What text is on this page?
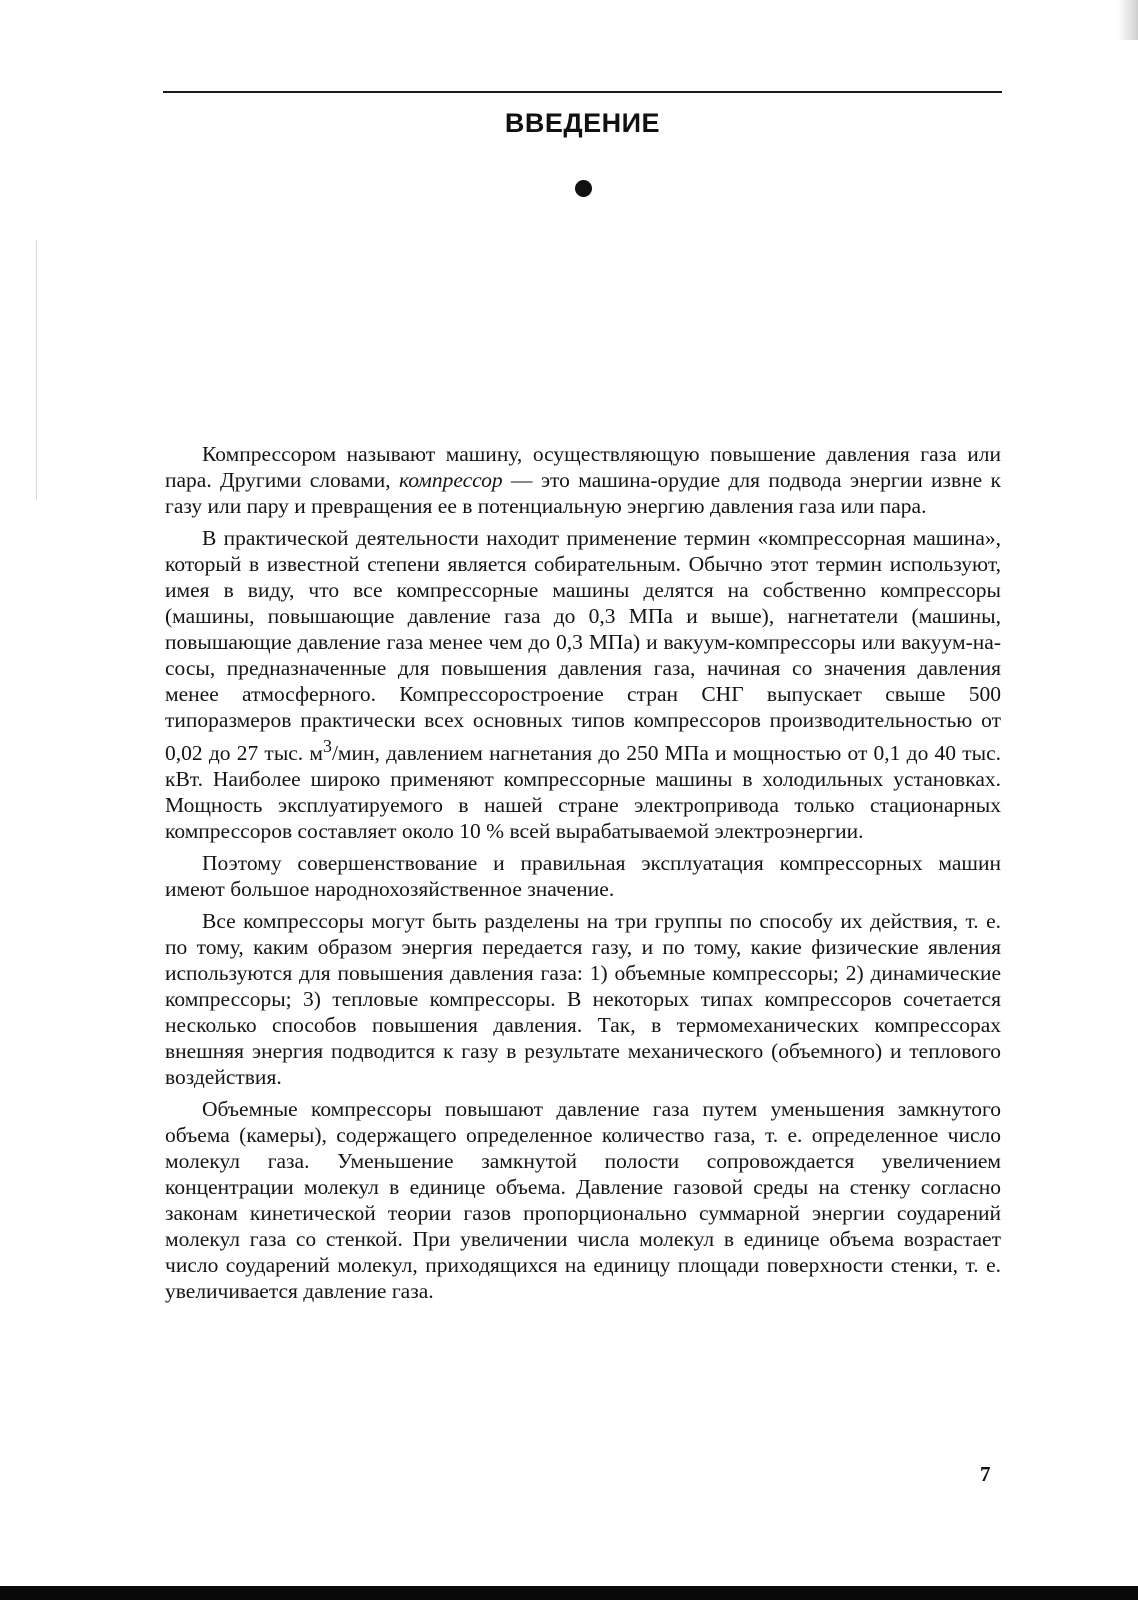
ВВЕДЕНИЕ

Компрессором называют машину, осуществляющую повышение давления газа или пара. Другими словами, компрессор — это машина-орудие для подвода энергии извне к газу или пару и превращения ее в потенциальную энергию давления газа или пара.

В практической деятельности находит применение термин «компрессорная машина», который в известной степени является собирательным. Обычно этот термин используют, имея в виду, что все компрессорные машины делятся на собственно компрессоры (машины, повышающие давление газа до 0,3 МПа и выше), нагнетатели (машины, повышающие давление газа менее чем до 0,3 МПа) и вакуум-компрессоры или вакуум-насосы, предназначенные для повышения давления газа, начиная со значения давления менее атмосферного. Компрессоростроение стран СНГ выпускает свыше 500 типоразмеров практически всех основных типов компрессоров производительностью от 0,02 до 27 тыс. $м^3$/мин, давлением нагнетания до 250 МПа и мощностью от 0,1 до 40 тыс. кВт. Наиболее широко применяют компрессорные машины в холодильных установках. Мощность эксплуатируемого в нашей стране электропривода только стационарных компрессоров составляет около 10 % всей вырабатываемой электроэнергии.

Поэтому совершенствование и правильная эксплуатация компрессорных машин имеют большое народнохозяйственное значение.

Все компрессоры могут быть разделены на три группы по способу их действия, т. е. по тому, каким образом энергия передается газу, и по тому, какие физические явления используются для повышения давления газа: 1) объемные компрессоры; 2) динамические компрессоры; 3) тепловые компрессоры. В некоторых типах компрессоров сочетается несколько способов повышения давления. Так, в термомеханических компрессорах внешняя энергия подводится к газу в результате механического (объемного) и теплового воздействия.

Объемные компрессоры повышают давление газа путем уменьшения замкнутого объема (камеры), содержащего определенное количество газа, т. е. определенное число молекул газа. Уменьшение замкнутой полости сопровождается увеличением концентрации молекул в единице объема. Давление газовой среды на стенку согласно законам кинетической теории газов пропорционально суммарной энергии соударений молекул газа со стенкой. При увеличении числа молекул в единице объема возрастает число соударений молекул, приходящихся на единицу площади поверхности стенки, т. е. увеличивается давление газа.

7
